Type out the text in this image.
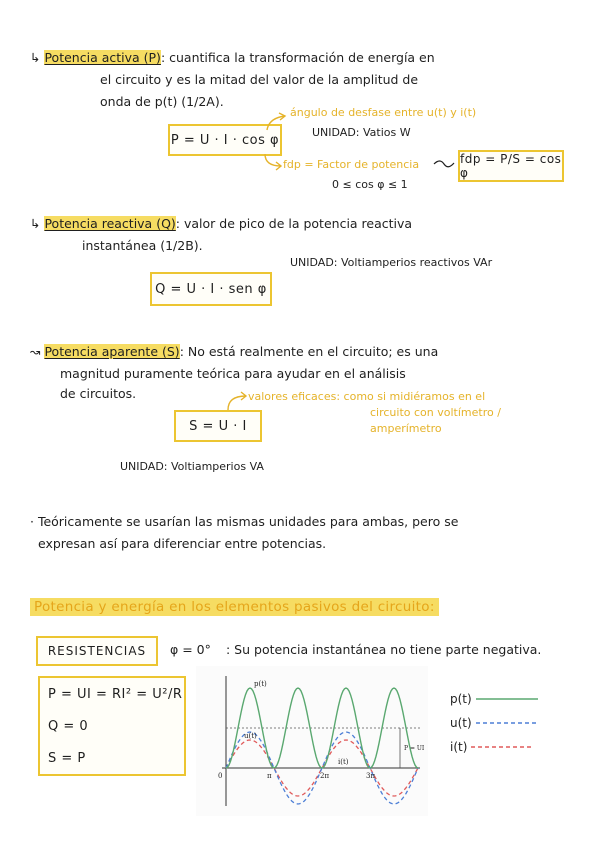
↳ Potencia activa (P): cuantifica la transformación de energía en
el circuito y es la mitad del valor de la amplitud de
onda de p(t) (1/2A).
P = U · I · cos φ
ángulo de desfase entre u(t) y i(t)
UNIDAD: Vatios W
fdp = Factor de potencia	fdp = P/S = cos φ
0 ≤ cos φ ≤ 1
↳ Potencia reactiva (Q): valor de pico de la potencia reactiva
instantánea (1/2B).
UNIDAD: Voltiamperios reactivos VAr
Q = U · I · sen φ
↝ Potencia aparente (S): No está realmente en el circuito; es una
magnitud puramente teórica para ayudar en el análisis
de circuitos.	valores eficaces: como si midiéramos en el
circuito con voltímetro /
amperímetro
S = U · I
UNIDAD: Voltiamperios VA
· Teóricamente se usarían las mismas unidades para ambas, pero se
expresan así para diferenciar entre potencias.
Potencia y energía en los elementos pasivos del circuito:
RESISTENCIAS φ = 0° : Su potencia instantánea no tiene parte negativa.
P = UI = RI² = U²/R
Q = 0
S = P
p(t)
u(t)
i(t)
P = UI
0	π	2π	3π
p(t)
u(t)
i(t)
